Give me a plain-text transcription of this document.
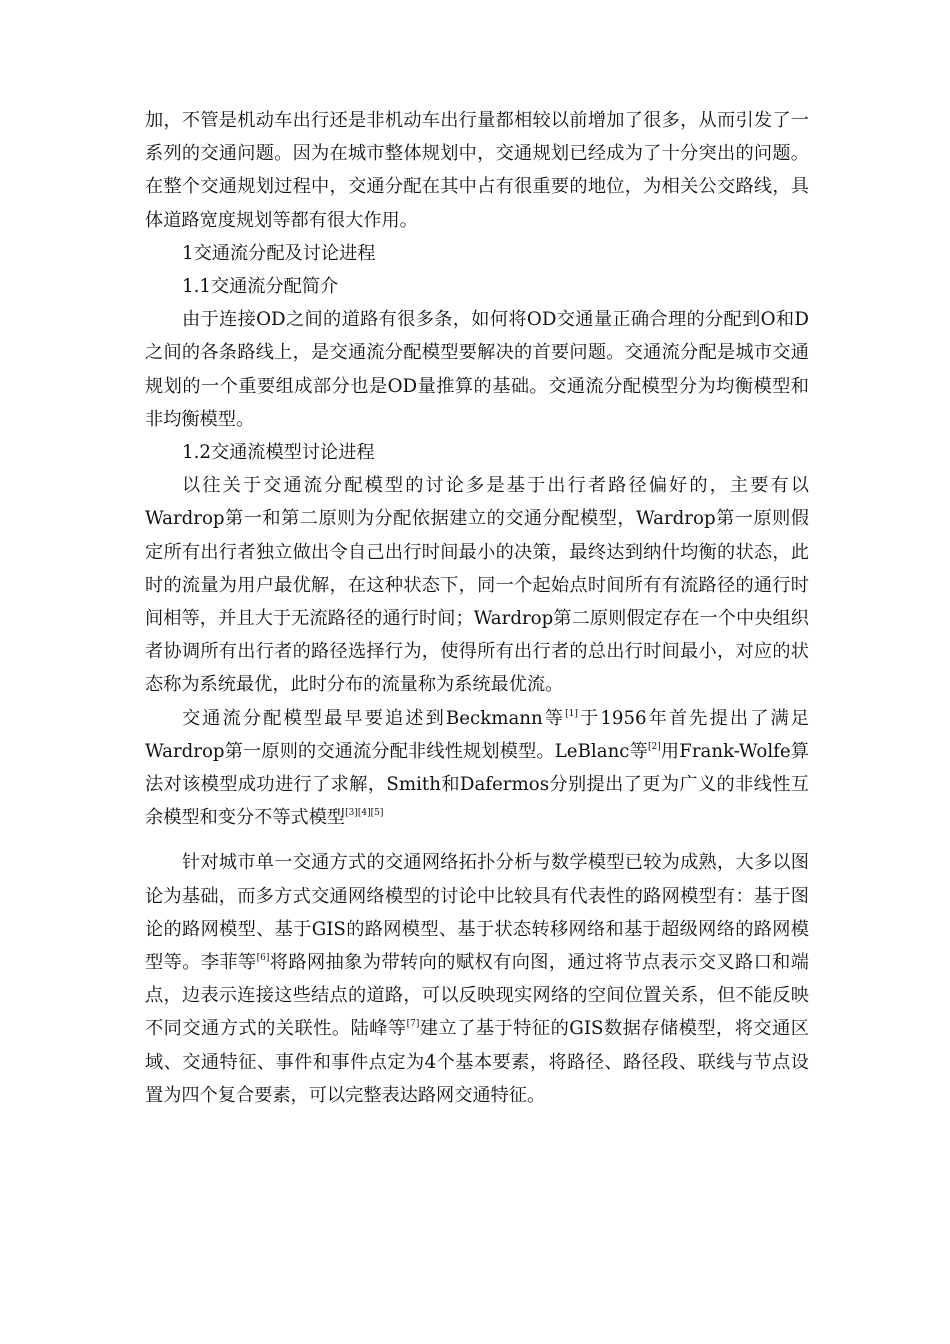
加，不管是机动车出行还是非机动车出行量都相较以前增加了很多，从而引发了一系列的交通问题。因为在城市整体规划中，交通规划已经成为了十分突出的问题。在整个交通规划过程中，交通分配在其中占有很重要的地位，为相关公交路线，具体道路宽度规划等都有很大作用。

1交通流分配及讨论进程

1.1交通流分配简介

由于连接OD之间的道路有很多条，如何将OD交通量正确合理的分配到O和D之间的各条路线上，是交通流分配模型要解决的首要问题。交通流分配是城市交通规划的一个重要组成部分也是OD量推算的基础。交通流分配模型分为均衡模型和非均衡模型。

1.2交通流模型讨论进程

以往关于交通流分配模型的讨论多是基于出行者路径偏好的，主要有以Wardrop第一和第二原则为分配依据建立的交通分配模型，Wardrop第一原则假定所有出行者独立做出令自己出行时间最小的决策，最终达到纳什均衡的状态，此时的流量为用户最优解，在这种状态下，同一个起始点时间所有有流路径的通行时间相等，并且大于无流路径的通行时间；Wardrop第二原则假定存在一个中央组织者协调所有出行者的路径选择行为，使得所有出行者的总出行时间最小，对应的状态称为系统最优，此时分布的流量称为系统最优流。

交通流分配模型最早要追述到Beckmann等[1]于1956年首先提出了满足Wardrop第一原则的交通流分配非线性规划模型。LeBlanc等[2]用Frank-Wolfe算法对该模型成功进行了求解，Smith和Dafermos分别提出了更为广义的非线性互余模型和变分不等式模型[3][4][5]

针对城市单一交通方式的交通网络拓扑分析与数学模型已较为成熟，大多以图论为基础，而多方式交通网络模型的讨论中比较具有代表性的路网模型有：基于图论的路网模型、基于GIS的路网模型、基于状态转移网络和基于超级网络的路网模型等。李菲等[6]将路网抽象为带转向的赋权有向图，通过将节点表示交叉路口和端点，边表示连接这些结点的道路，可以反映现实网络的空间位置关系，但不能反映不同交通方式的关联性。陆峰等[7]建立了基于特征的GIS数据存储模型，将交通区域、交通特征、事件和事件点定为4个基本要素，将路径、路径段、联线与节点设置为四个复合要素，可以完整表达路网交通特征。
